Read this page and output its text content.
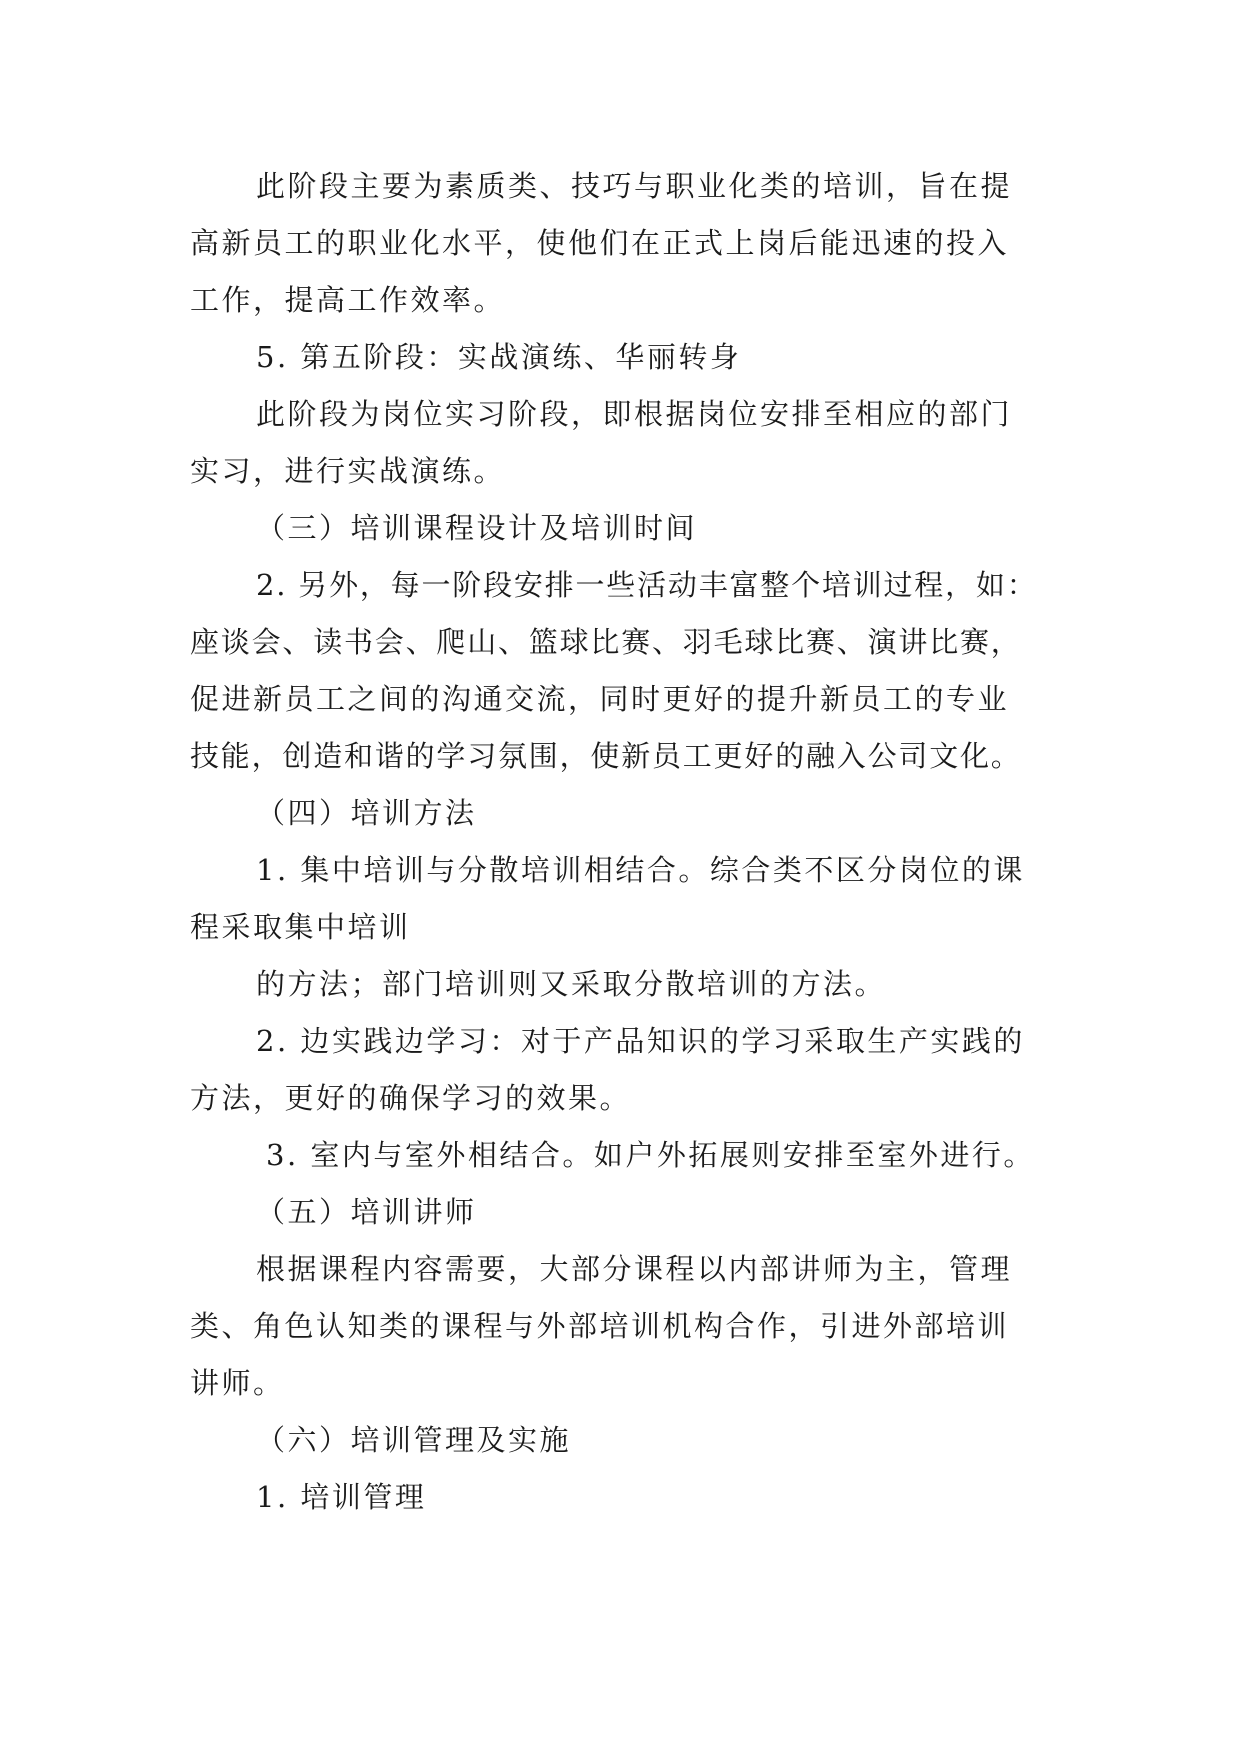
此阶段主要为素质类、技巧与职业化类的培训，旨在提
高新员工的职业化水平，使他们在正式上岗后能迅速的投入
工作，提高工作效率。
5. 第五阶段：实战演练、华丽转身
此阶段为岗位实习阶段，即根据岗位安排至相应的部门
实习，进行实战演练。
（三）培训课程设计及培训时间
2. 另外，每一阶段安排一些活动丰富整个培训过程，如：
座谈会、读书会、爬山、篮球比赛、羽毛球比赛、演讲比赛，
促进新员工之间的沟通交流，同时更好的提升新员工的专业
技能，创造和谐的学习氛围，使新员工更好的融入公司文化。
（四）培训方法
1. 集中培训与分散培训相结合。综合类不区分岗位的课
程采取集中培训
的方法；部门培训则又采取分散培训的方法。
2. 边实践边学习：对于产品知识的学习采取生产实践的
方法，更好的确保学习的效果。
3. 室内与室外相结合。如户外拓展则安排至室外进行。
（五）培训讲师
根据课程内容需要，大部分课程以内部讲师为主，管理
类、角色认知类的课程与外部培训机构合作，引进外部培训
讲师。
（六）培训管理及实施
1. 培训管理
